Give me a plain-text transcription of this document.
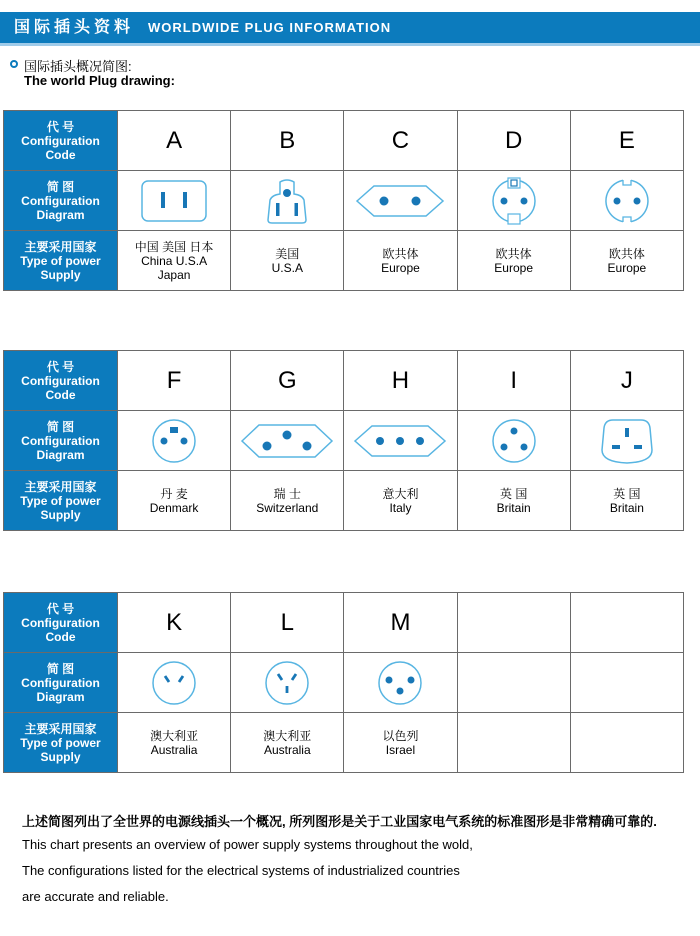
国际插头资料 WORLDWIDE PLUG INFORMATION
国际插头概况简图:
The world Plug drawing:
代 号
Configuration
Code	A	B	C	D	E
简 图
Configuration
Diagram	

主要采用国家
Type of power
Supply	中国 美国 日本
China U.S.A
Japan	美国
U.S.A	欧共体
Europe	欧共体
Europe	欧共体
Europe
代 号
Configuration
Code	F	G	H	I	J
简 图
Configuration
Diagram	

主要采用国家
Type of power
Supply	丹 麦
Denmark	瑞 士
Switzerland	意大利
Italy	英 国
Britain	英 国
Britain
代 号
Configuration
Code	K	L	M		
简 图
Configuration
Diagram	

主要采用国家
Type of power
Supply	澳大利亚
Australia	澳大利亚
Australia	以色列
Israel		

上述简图列出了全世界的电源线插头一个概况, 所列图形是关于工业国家电气系统的标准图形是非常精确可靠的.

This chart presents an overview of power supply systems throughout the wold,

The configurations listed for the electrical systems of industrialized countries

are accurate and reliable.
